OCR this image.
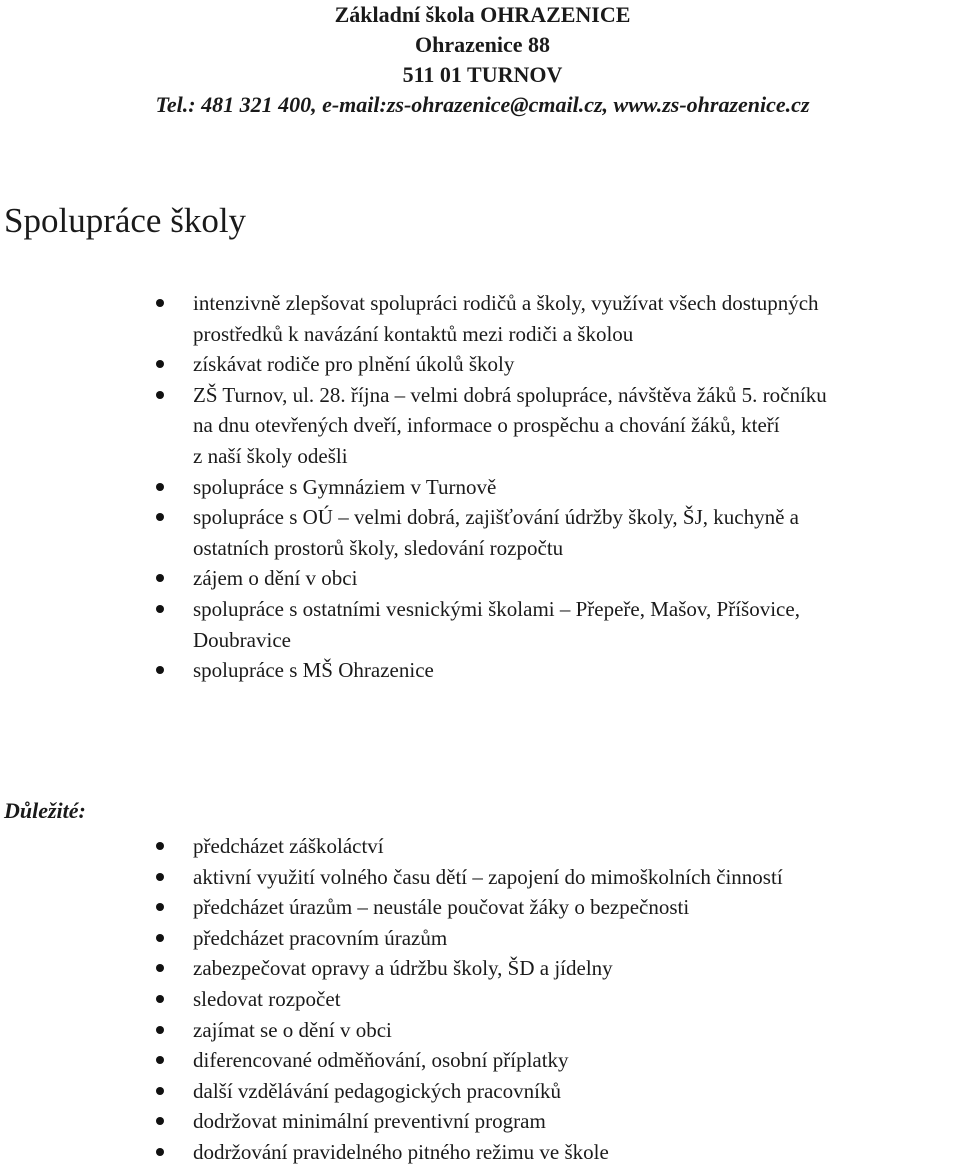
Základní škola OHRAZENICE
Ohrazenice 88
511 01 TURNOV
Tel.: 481 321 400, e-mail:zs-ohrazenice@cmail.cz, www.zs-ohrazenice.cz
Spolupráce školy
intenzivně zlepšovat spolupráci rodičů a školy, využívat všech dostupných
prostředků k navázání kontaktů mezi rodiči a školou
získávat rodiče pro plnění úkolů školy
ZŠ Turnov, ul. 28. října – velmi dobrá spolupráce, návštěva žáků 5. ročníku
na dnu otevřených dveří, informace o prospěchu a chování žáků, kteří
z naší školy odešli
spolupráce s Gymnáziem v Turnově
spolupráce s OÚ – velmi dobrá, zajišťování údržby školy, ŠJ, kuchyně a
ostatních prostorů školy, sledování rozpočtu
zájem o dění v obci
spolupráce s ostatními vesnickými školami – Přepeře, Mašov, Příšovice,
Doubravice
spolupráce s MŠ Ohrazenice
Důležité:
předcházet záškoláctví
aktivní využití volného času dětí – zapojení do mimoškolních činností
předcházet úrazům – neustále poučovat žáky o bezpečnosti
předcházet pracovním úrazům
zabezpečovat opravy a údržbu školy, ŠD a jídelny
sledovat rozpočet
zajímat se o dění v obci
diferencované odměňování, osobní příplatky
další vzdělávání pedagogických pracovníků
dodržovat minimální preventivní program
dodržování pravidelného pitného režimu ve škole
